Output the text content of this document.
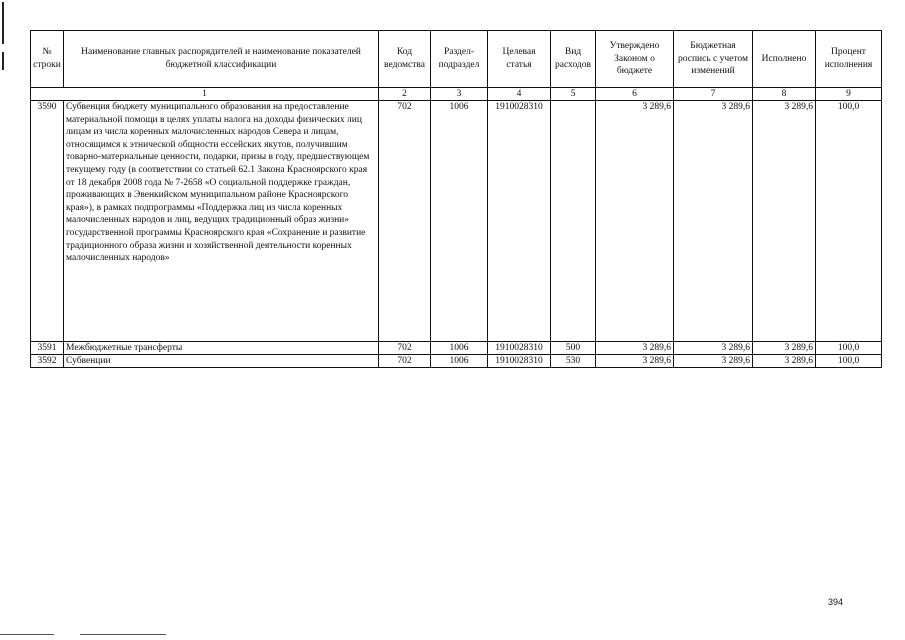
№ строки	Наименование главных распорядителей и наименование показателей бюджетной классификации	Код ведомства	Раздел-подраздел	Целевая статья	Вид расходов	Утверждено Законом о бюджете	Бюджетная роспись с учетом изменений	Исполнено	Процент исполнения
1		2	3	4	5	6	7	8	9
3590	Субвенция бюджету муниципального образования на предоставление материальной помощи в целях уплаты налога на доходы физических лиц лицам из числа коренных малочисленных народов Севера и лицам, относящимся к этнической общности ессейских якутов, получившим товарно-материальные ценности, подарки, призы в году, предшествующем текущему году (в соответствии со статьей 62.1 Закона Красноярского края от 18 декабря 2008 года № 7-2658 «О социальной поддержке граждан, проживающих в Эвенкийском муниципальном районе Красноярского края»), в рамках подпрограммы «Поддержка лиц из числа коренных малочисленных народов и лиц, ведущих традиционный образ жизни» государственной программы Красноярского края «Сохранение и развитие традиционного образа жизни и хозяйственной деятельности коренных малочисленных народов»	702	1006	1910028310		3 289,6	3 289,6	3 289,6	100,0
3591	Межбюджетные трансферты	702	1006	1910028310	500	3 289,6	3 289,6	3 289,6	100,0
3592	Субвенции	702	1006	1910028310	530	3 289,6	3 289,6	3 289,6	100,0
394
